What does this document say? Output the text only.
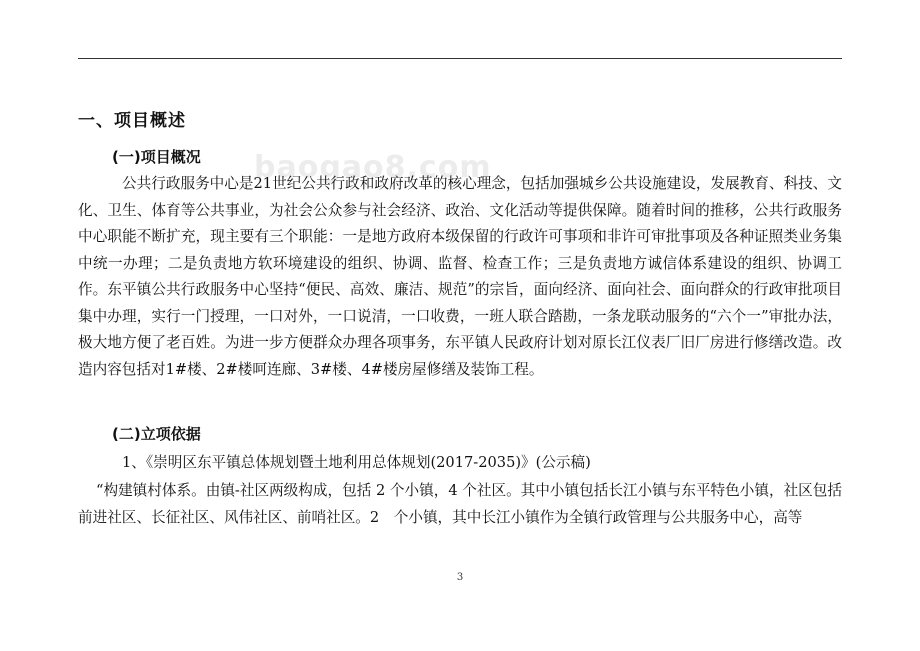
baogao8.com
一、项目概述
(一)项目概况

公共行政服务中心是21世纪公共行政和政府改革的核心理念，包括加强城乡公共设施建设，发展教育、科技、文化、卫生、体育等公共事业，为社会公众参与社会经济、政治、文化活动等提供保障。随着时间的推移，公共行政服务中心职能不断扩充，现主要有三个职能：一是地方政府本级保留的行政许可事项和非许可审批事项及各种证照类业务集中统一办理；二是负责地方软环境建设的组织、协调、监督、检查工作；三是负责地方诚信体系建设的组织、协调工作。东平镇公共行政服务中心坚持“便民、高效、廉洁、规范”的宗旨，面向经济、面向社会、面向群众的行政审批项目集中办理，实行一门授理，一口对外，一口说清，一口收费，一班人联合踏勘，一条龙联动服务的“六个一”审批办法，极大地方便了老百姓。为进一步方便群众办理各项事务，东平镇人民政府计划对原长江仪表厂旧厂房进行修缮改造。改造内容包括对1#楼、2#楼呵连廊、3#楼、4#楼房屋修缮及装饰工程。

(二)立项依据
1、《崇明区东平镇总体规划暨土地利用总体规划(2017-2035)》(公示稿)

“构建镇村体系。由镇-社区两级构成，包括 2 个小镇，4 个社区。其中小镇包括长江小镇与东平特色小镇，社区包括前进社区、长征社区、风伟社区、前哨社区。2　个小镇，其中长江小镇作为全镇行政管理与公共服务中心，高等

3
